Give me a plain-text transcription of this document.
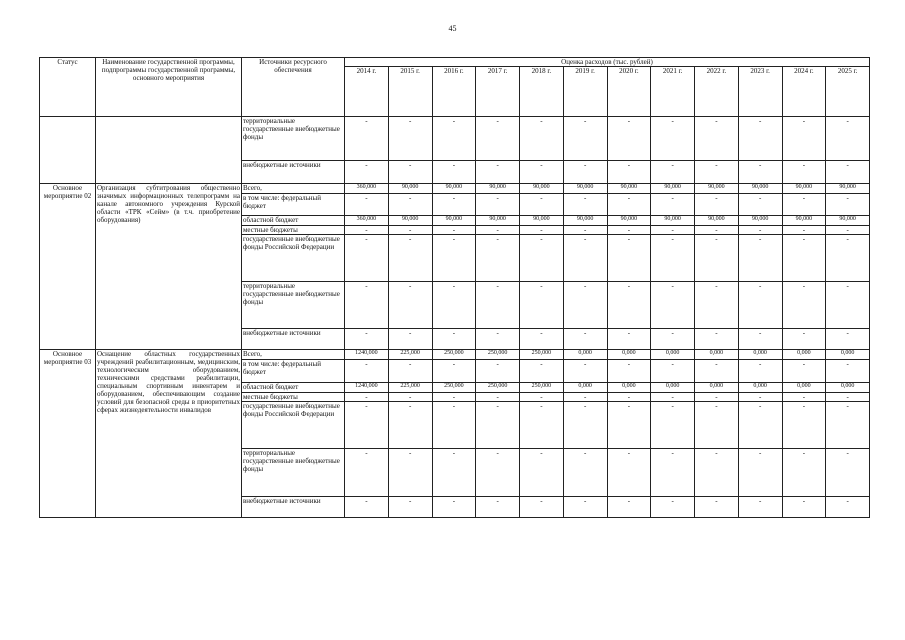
45
Статус	Наименование государственной программы, подпрограммы государственной программы, основного мероприятия	Источники ресурсного обеспечения	Оценка расходов (тыс. рублей)											
			2014 г.	2015 г.	2016 г.	2017 г.	2018 г.	2019 г.	2020 г.	2021 г.	2022 г.	2023 г.	2024 г.	2025 г.
		территориальные государственные внебюджетные фонды	-	-	-	-	-	-	-	-	-	-	-	-
		внебюджетные источники	-	-	-	-	-	-	-	-	-	-	-	-
Основное мероприятие 02	Организация субтитрования общественно значимых информационных телепрограмм на канале автономного учреждения Курской области «ТРК «Сейм» (в т.ч. приобретение оборудования)	Всего,	360,000	90,000	90,000	90,000	90,000	90,000	90,000	90,000	90,000	90,000	90,000	90,000
		в том числе: федеральный бюджет	-	-	-	-	-	-	-	-	-	-	-	-
		областной бюджет	360,000	90,000	90,000	90,000	90,000	90,000	90,000	90,000	90,000	90,000	90,000	90,000
		местные бюджеты	-	-	-	-	-	-	-	-	-	-	-	-
		государственные внебюджетные фонды Российской Федерации	-	-	-	-	-	-	-	-	-	-	-	-
		территориальные государственные внебюджетные фонды	-	-	-	-	-	-	-	-	-	-	-	-
		внебюджетные источники	-	-	-	-	-	-	-	-	-	-	-	-
Основное мероприятие 03	Оснащение областных государственных учреждений реабилитационным, медицинским, технологическим оборудованием, техническими средствами реабилитации, специальным спортивным инвентарем и оборудованием, обеспечивающим создание условий для безопасной среды в приоритетных сферах жизнедеятельности инвалидов	Всего,	1240,000	225,000	250,000	250,000	250,000	0,000	0,000	0,000	0,000	0,000	0,000	0,000
		в том числе: федеральный бюджет	-	-	-	-	-	-	-	-	-	-	-	-
		областной бюджет	1240,000	225,000	250,000	250,000	250,000	0,000	0,000	0,000	0,000	0,000	0,000	0,000
		местные бюджеты	-	-	-	-	-	-	-	-	-	-	-	-
		государственные внебюджетные фонды Российской Федерации	-	-	-	-	-	-	-	-	-	-	-	-
		территориальные государственные внебюджетные фонды	-	-	-	-	-	-	-	-	-	-	-	-
		внебюджетные источники	-	-	-	-	-	-	-	-	-	-	-	-
